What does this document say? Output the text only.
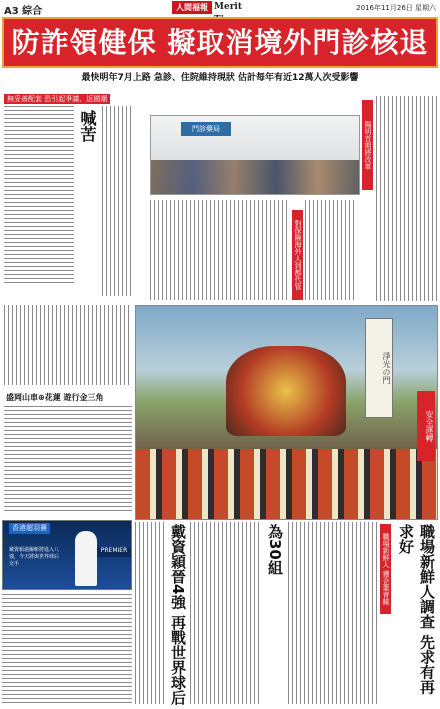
A3 綜合	人間福報 Merit	2016年11月26日 星期六
防詐領健保 擬取消境外門診核退
最快明年7月上路 急診、住院維持現狀 估計每年有近12萬人次受影響
無妥善配套 恐引起爭議、返國潮
喊苦	門診藥局
對保險海外人到都代管
陽明首期將改革
盛岡山車⊕花蓮 遊行金三角
淨光の門
安全運轉
香港超羽賽
戴資穎過關斬將進入八強，今天將與世界球后交手
PREMIER	戴資穎晉4強 再戰世界球后	為30組	職場新鮮人 獲企業青睞	職場新鮮人調查 先求有再求好
